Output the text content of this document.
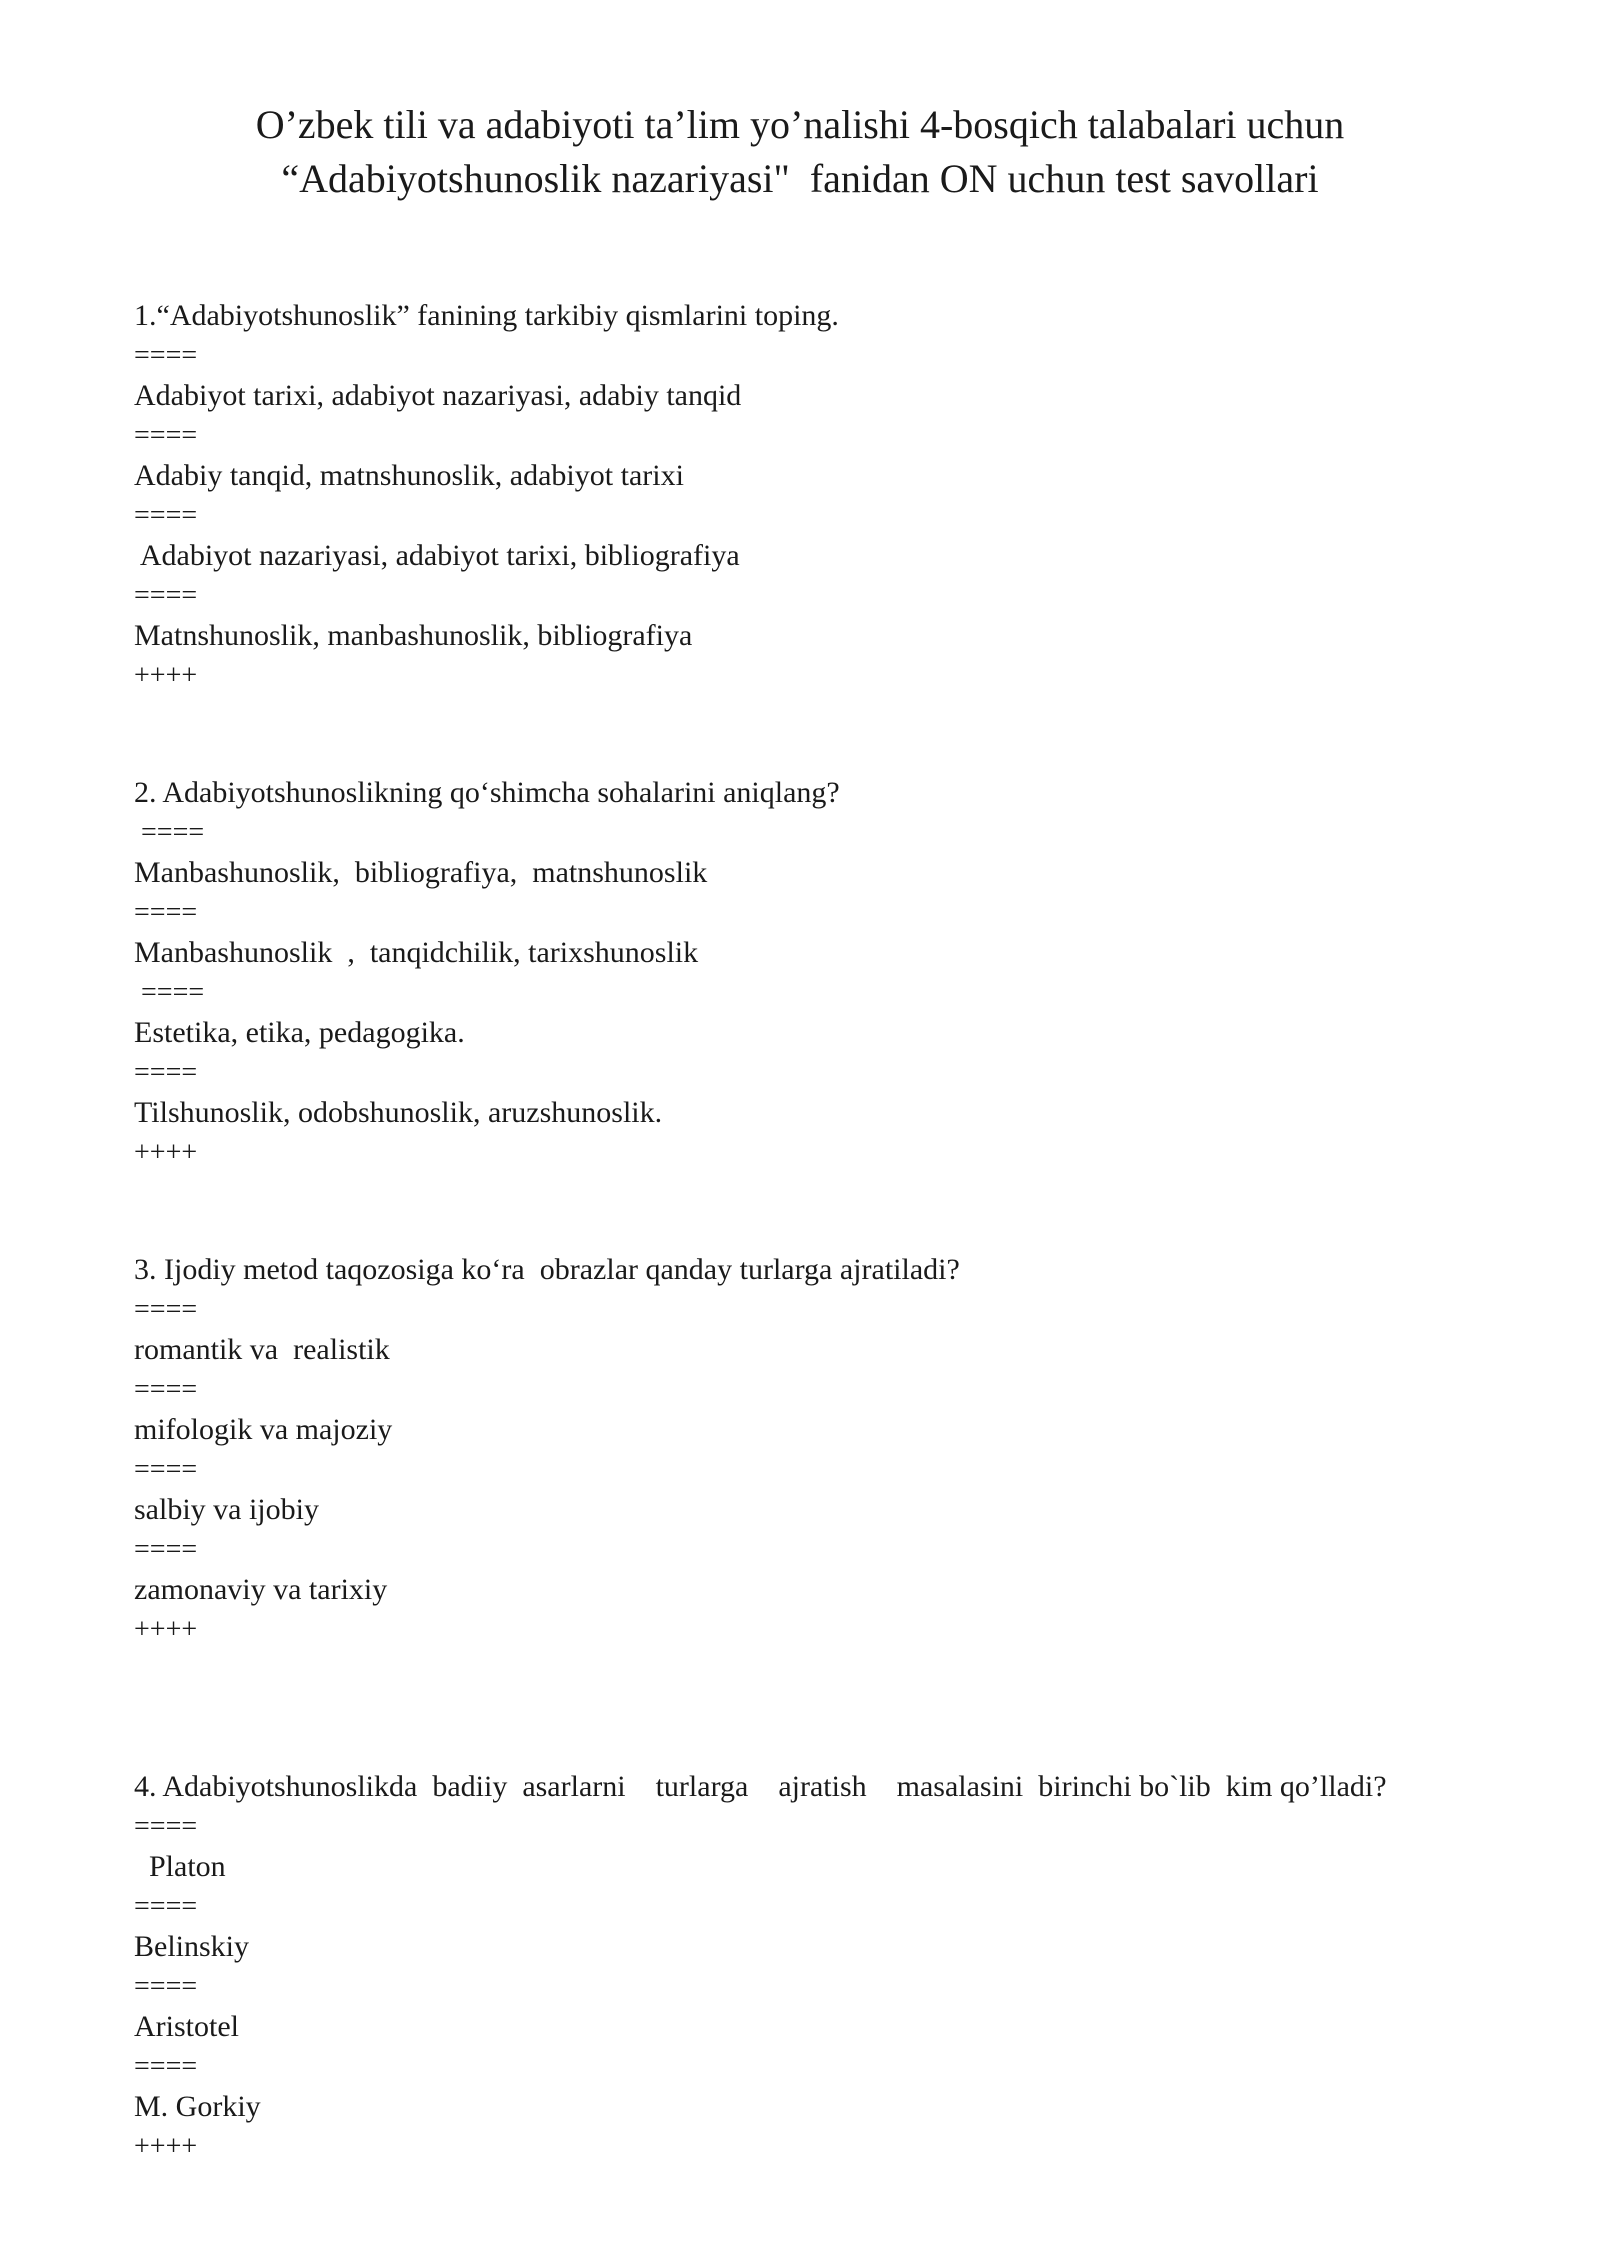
O’zbek tili va adabiyoti ta’lim yo’nalishi 4-bosqich talabalari uchun
“Adabiyotshunoslik nazariyasi"  fanidan ON uchun test savollari
1.“Adabiyotshunoslik” fanining tarkibiy qismlarini toping.
====
Adabiyot tarixi, adabiyot nazariyasi, adabiy tanqid
====
Adabiy tanqid, matnshunoslik, adabiyot tarixi
====
Adabiyot nazariyasi, adabiyot tarixi, bibliografiya
====
Matnshunoslik, manbashunoslik, bibliografiya
++++
2. Adabiyotshunoslikning qo‘shimcha sohalarini aniqlang?
====
Manbashunoslik,  bibliografiya,  matnshunoslik
====
Manbashunoslik  ,  tanqidchilik, tarixshunoslik
====
Estetika, etika, pedagogika.
====
Tilshunoslik, odobshunoslik, aruzshunoslik.
++++
3. Ijodiy metod taqozosiga ko‘ra  obrazlar qanday turlarga ajratiladi?
====
romantik va  realistik
====
mifologik va majoziy
====
salbiy va ijobiy
====
zamonaviy va tarixiy
++++
4. Adabiyotshunoslikda  badiiy  asarlarni    turlarga    ajratish    masalasini  birinchi bo`lib  kim qo’lladi?
====
Platon
====
Belinskiy
====
Aristotel
====
M. Gorkiy
++++
